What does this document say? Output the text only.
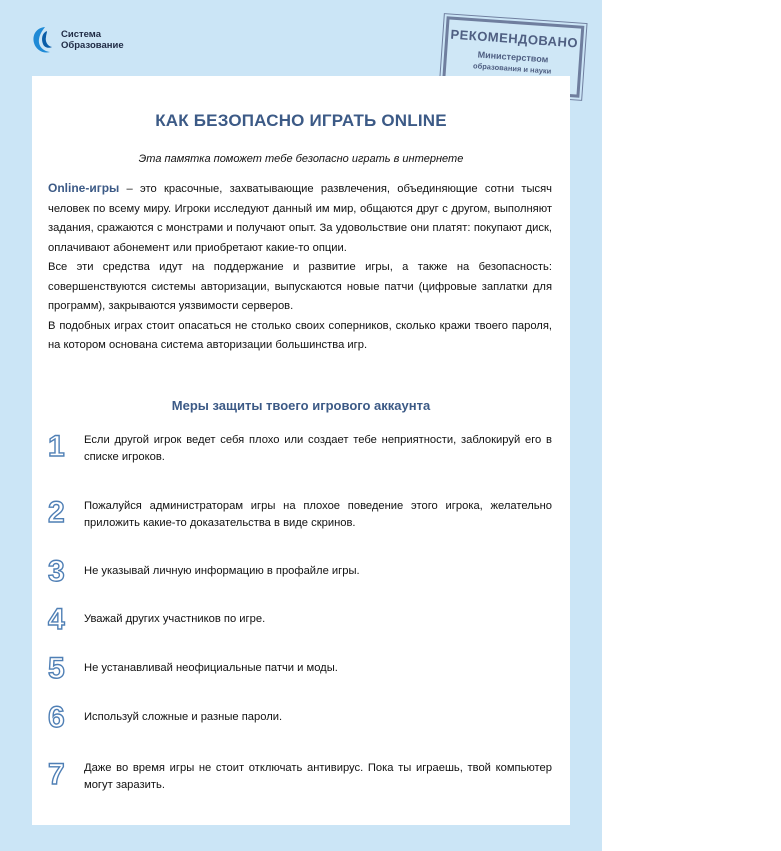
Система
Образование	РЕКОМЕНДОВАНО
Министерством
образования и науки
КАК БЕЗОПАСНО ИГРАТЬ ONLINE
Эта памятка поможет тебе безопасно играть в интернете

Online-игры – это красочные, захватывающие развлечения, объединяющие сотни тысяч человек по всему миру. Игроки исследуют данный им мир, общаются друг с другом, выполняют задания, сражаются с монстрами и получают опыт. За удовольствие они платят: покупают диск, оплачивают абонемент или приобретают какие-то опции.

Все эти средства идут на поддержание и развитие игры, а также на безопасность: совершенствуются системы авторизации, выпускаются новые патчи (цифровые заплатки для программ), закрываются уязвимости серверов.

В подобных играх стоит опасаться не столько своих соперников, сколько кражи твоего пароля, на котором основана система авторизации большинства игр.

Меры защиты твоего игрового аккаунта
1	Если другой игрок ведет себя плохо или создает тебе неприятности, заблокируй его в списке игроков.
2	Пожалуйся администраторам игры на плохое поведение этого игрока, желательно приложить какие-то доказательства в виде скринов.
3	Не указывай личную информацию в профайле игры.
4	Уважай других участников по игре.
5	Не устанавливай неофициальные патчи и моды.
6	Используй сложные и разные пароли.
7	Даже во время игры не стоит отключать антивирус. Пока ты играешь, твой компьютер могут заразить.
